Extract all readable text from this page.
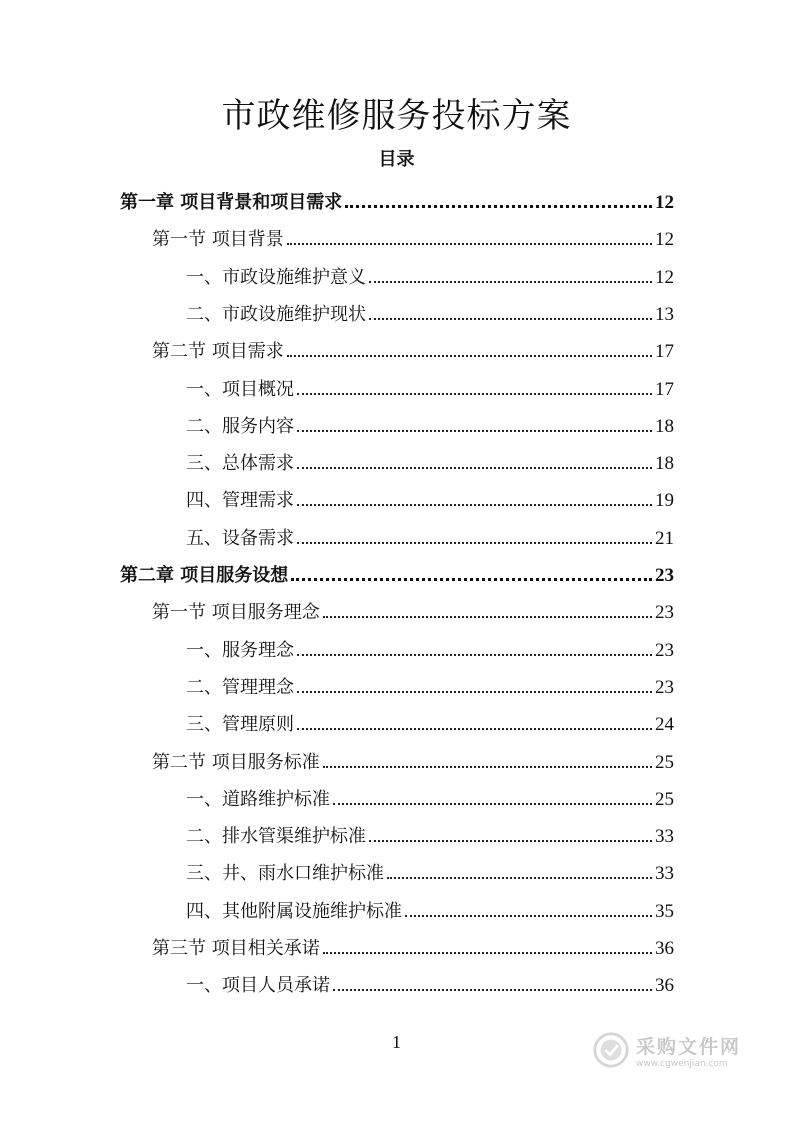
市政维修服务投标方案
目录
第一章 项目背景和项目需求	12
第一节 项目背景	12
一、市政设施维护意义	12
二、市政设施维护现状	13
第二节 项目需求	17
一、项目概况	17
二、服务内容	18
三、总体需求	18
四、管理需求	19
五、设备需求	21
第二章 项目服务设想	23
第一节 项目服务理念	23
一、服务理念	23
二、管理理念	23
三、管理原则	24
第二节 项目服务标准	25
一、道路维护标准	25
二、排水管渠维护标准	33
三、井、雨水口维护标准	33
四、其他附属设施维护标准	35
第三节 项目相关承诺	36
一、项目人员承诺	36
1	采购文件网
www.cgwenjian.com
